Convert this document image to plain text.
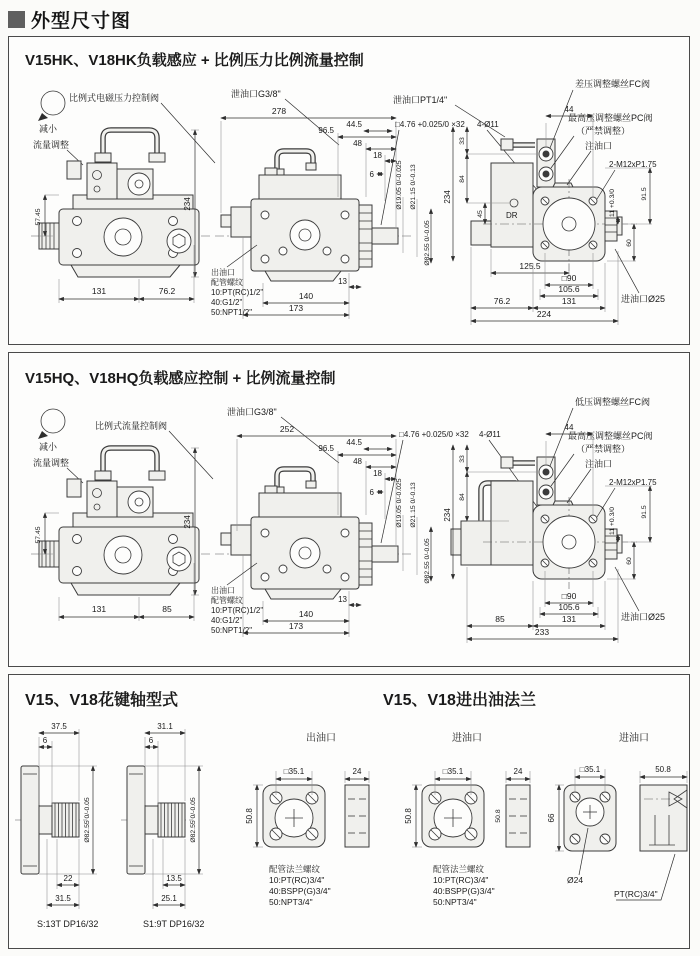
外型尺寸图
V15HK、V18HK负载感应 + 比例压力比例流量控制
减小
比例式电磁压力控制阀
流量调整
57.45
234
131	76.2
泄油口G3/8"
278
96.5
44.5
48
18
6
□4.76 +0.025/0 ×32 4-Ø11
泄油口PT1/4"
Ø19.05 0/-0.025 Ø21.15 0/-0.13
Ø82.55 0/-0.05
140
173
13
出油口
配管螺纹
10:PT(RC)1/2"
40:G1/2"
50:NPT1/2"
DR
差压调整螺丝FC阀
44
最高压调整螺丝PC阀
（严禁调整）
注油口
2-M12xP1.75
234
33
84
45	11 +0.3/0	91.5
60
125.5
□90
105.6
76.2	131
224
进油口Ø25
V15HQ、V18HQ负载感应控制 + 比例流量控制
减小
比例式流量控制阀
流量调整
57.45
234
131	85
泄油口G3/8"
252
96.5
44.5
48
18
6
□4.76 +0.025/0 ×32 4-Ø11
Ø19.05 0/-0.025 Ø21.15 0/-0.13
Ø82.55 0/-0.05
140
173
13
出油口
配管螺纹
10:PT(RC)1/2"
40:G1/2"
50:NPT1/2"
低压调整螺丝FC阀
44
最高压调整螺丝PC阀
（严禁调整）
注油口
2-M12xP1.75
234
33
84
11 +0.3/0	91.5
60
□90
105.6
85	131
233
进油口Ø25
V15、V18花键轴型式	V15、V18进出油法兰
37.5
6
Ø82.55 0/-0.05
22
31.5
S:13T DP16/32
31.1
6
Ø82.55 0/-0.05
13.5
25.1
S1:9T DP16/32
出油口
□35.1
50.8
24
配管法兰螺纹
10:PT(RC)3/4"
40:BSPP(G)3/4"
50:NPT3/4"
进油口
□35.1
50.8
24
50.8
配管法兰螺纹
10:PT(RC)3/4"
40:BSPP(G)3/4"
50:NPT3/4"
进油口
□35.1
66
Ø24
50.8
PT(RC)3/4"
